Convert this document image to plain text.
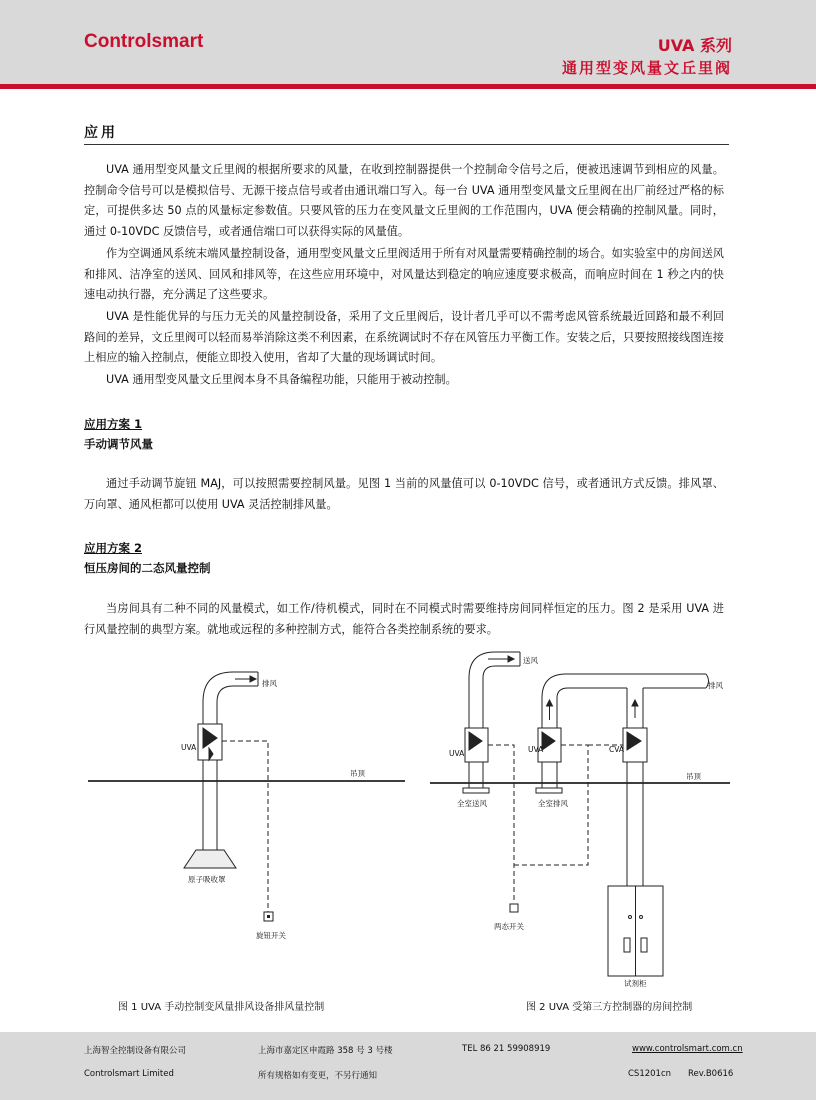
Controlsmart	UVA 系列
通用型变风量文丘里阀
应用

UVA 通用型变风量文丘里阀的根据所要求的风量，在收到控制器提供一个控制命令信号之后，便被迅速调节到相应的风量。控制命令信号可以是模拟信号、无源干接点信号或者由通讯端口写入。每一台 UVA 通用型变风量文丘里阀在出厂前经过严格的标定，可提供多达 50 点的风量标定参数值。只要风管的压力在变风量文丘里阀的工作范围内，UVA 便会精确的控制风量。同时，通过 0-10VDC 反馈信号，或者通信端口可以获得实际的风量值。

作为空调通风系统末端风量控制设备，通用型变风量文丘里阀适用于所有对风量需要精确控制的场合。如实验室中的房间送风和排风、洁净室的送风、回风和排风等，在这些应用环境中，对风量达到稳定的响应速度要求极高，而响应时间在 1 秒之内的快速电动执行器，充分满足了这些要求。

UVA 是性能优异的与压力无关的风量控制设备，采用了文丘里阀后，设计者几乎可以不需考虑风管系统最近回路和最不利回路间的差异，文丘里阀可以轻而易举消除这类不利因素，在系统调试时不存在风管压力平衡工作。安装之后，只要按照接线图连接上相应的输入控制点，便能立即投入使用，省却了大量的现场调试时间。

UVA 通用型变风量文丘里阀本身不具备编程功能，只能用于被动控制。

应用方案 1
手动调节风量

通过手动调节旋钮 MAJ，可以按照需要控制风量。见图 1 当前的风量值可以 0-10VDC 信号，或者通讯方式反馈。排风罩、万向罩、通风柜都可以使用 UVA 灵活控制排风量。

应用方案 2
恒压房间的二态风量控制

当房间具有二种不同的风量模式，如工作/待机模式，同时在不同模式时需要维持房间同样恒定的压力。图 2 是采用 UVA 进行风量控制的典型方案。就地或远程的多种控制方式，能符合各类控制系统的要求。

排风
UVA
吊顶
原子吸收罩
旋钮开关
送风
排风
UVA	UVA	CVA
吊顶
全室送风	全室排风
两态开关
试剂柜
图 1 UVA 手动控制变风量排风设备排风量控制	图 2 UVA 受第三方控制器的房间控制
上海智全控制设备有限公司	上海市嘉定区申霞路 358 号 3 号楼	TEL 86 21 59908919	www.controlsmart.com.cn
Controlsmart Limited	所有规格如有变更，不另行通知	CS1201cn Rev.B0616
